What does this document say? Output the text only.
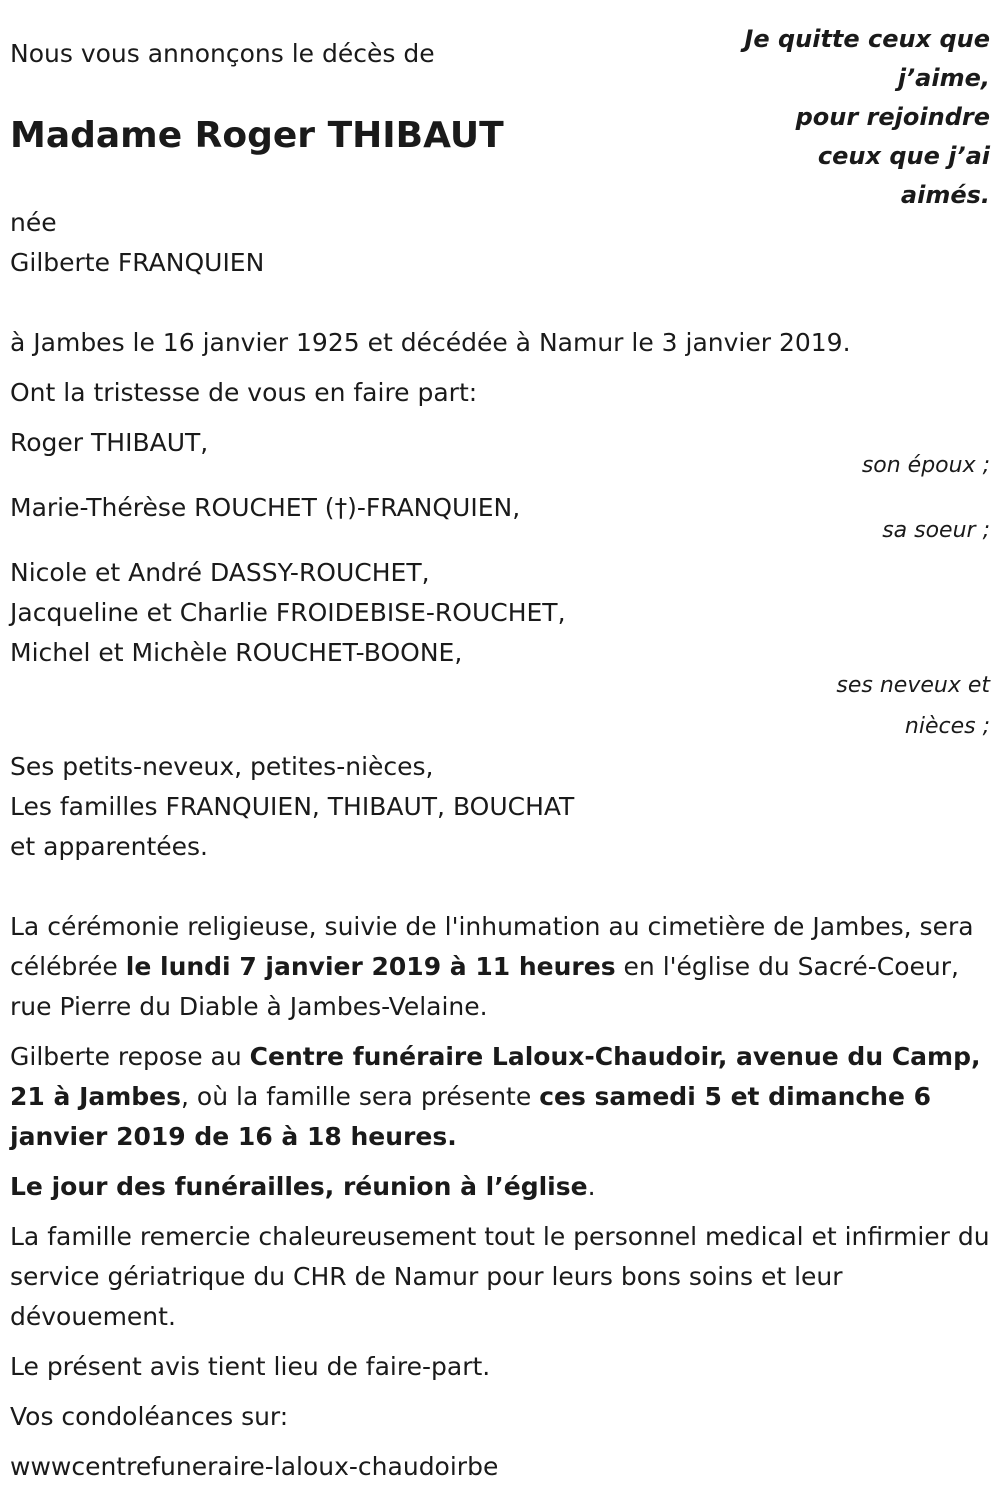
Nous vous annonçons le décès de

Madame Roger THIBAUT
Je quitte ceux que
j’aime,
pour rejoindre
ceux que j’ai
aimés.
née
Gilberte FRANQUIEN
à Jambes le 16 janvier 1925 et décédée à Namur le 3 janvier 2019.
Ont la tristesse de vous en faire part:
Roger THIBAUT,
son époux ;
Marie-Thérèse ROUCHET (†)-FRANQUIEN,
sa soeur ;
Nicole et André DASSY-ROUCHET,
Jacqueline et Charlie FROIDEBISE-ROUCHET,
Michel et Michèle ROUCHET-BOONE,
ses neveux et
nièces ;
Ses petits-neveux, petites-nièces,
Les familles FRANQUIEN, THIBAUT, BOUCHAT
et apparentées.

La cérémonie religieuse, suivie de l'inhumation au cimetière de Jambes, sera célébrée le lundi 7 janvier 2019 à 11 heures en l'église du Sacré-Coeur, rue Pierre du Diable à Jambes-Velaine.

Gilberte repose au Centre funéraire Laloux-Chaudoir, avenue du Camp, 21 à Jambes, où la famille sera présente ces samedi 5 et dimanche 6 janvier 2019 de 16 à 18 heures.

Le jour des funérailles, réunion à l’église.

La famille remercie chaleureusement tout le personnel medical et infirmier du service gériatrique du CHR de Namur pour leurs bons soins et leur dévouement.

Le présent avis tient lieu de faire-part.

Vos condoléances sur:

wwwcentrefuneraire-laloux-chaudoirbe
